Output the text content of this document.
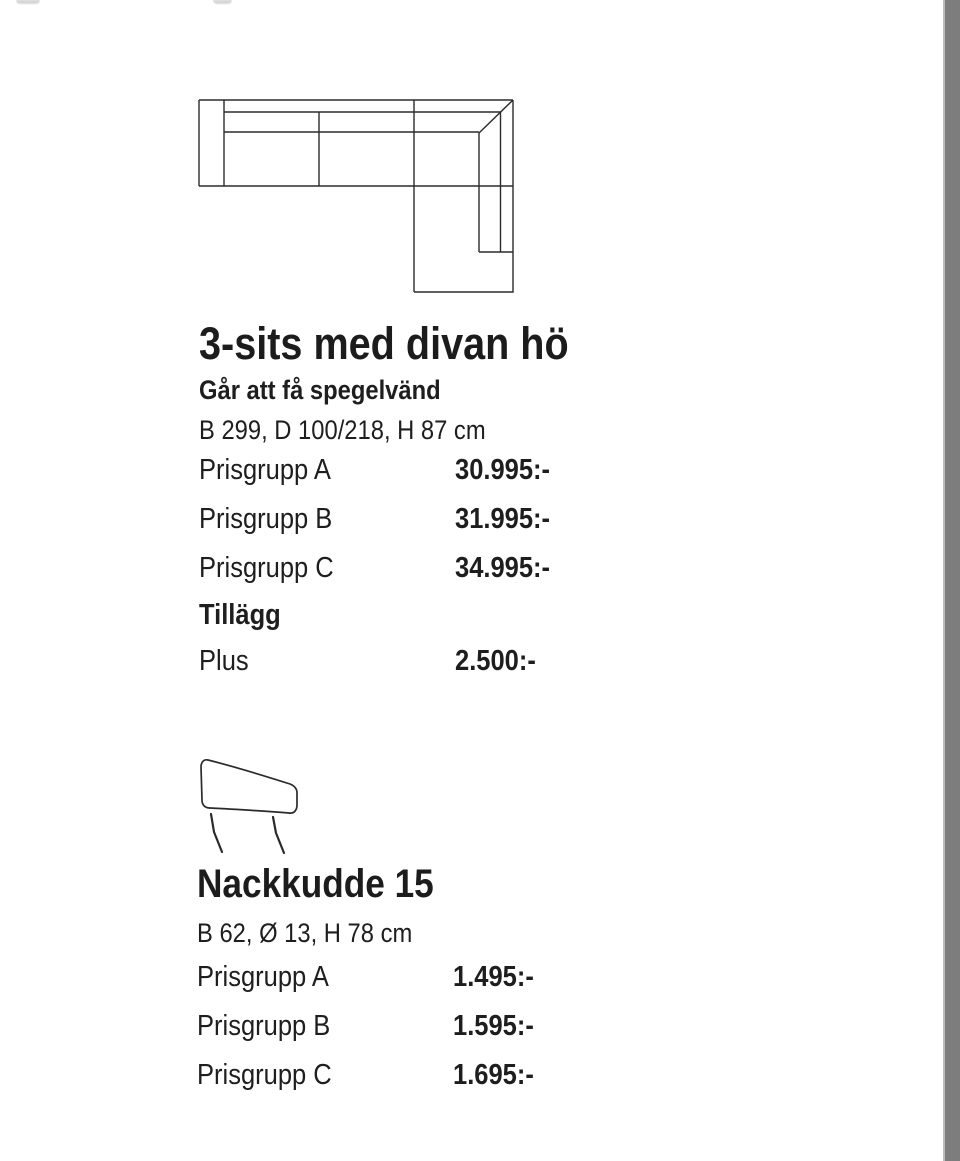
3-sits med divan hö
Går att få spegelvänd
B 299, D 100/218, H 87 cm
Prisgrupp A	30.995:-
Prisgrupp B	31.995:-
Prisgrupp C	34.995:-
Tillägg
Plus	2.500:-
Nackkudde 15
B 62, Ø 13, H 78 cm
Prisgrupp A	1.495:-
Prisgrupp B	1.595:-
Prisgrupp C	1.695:-
